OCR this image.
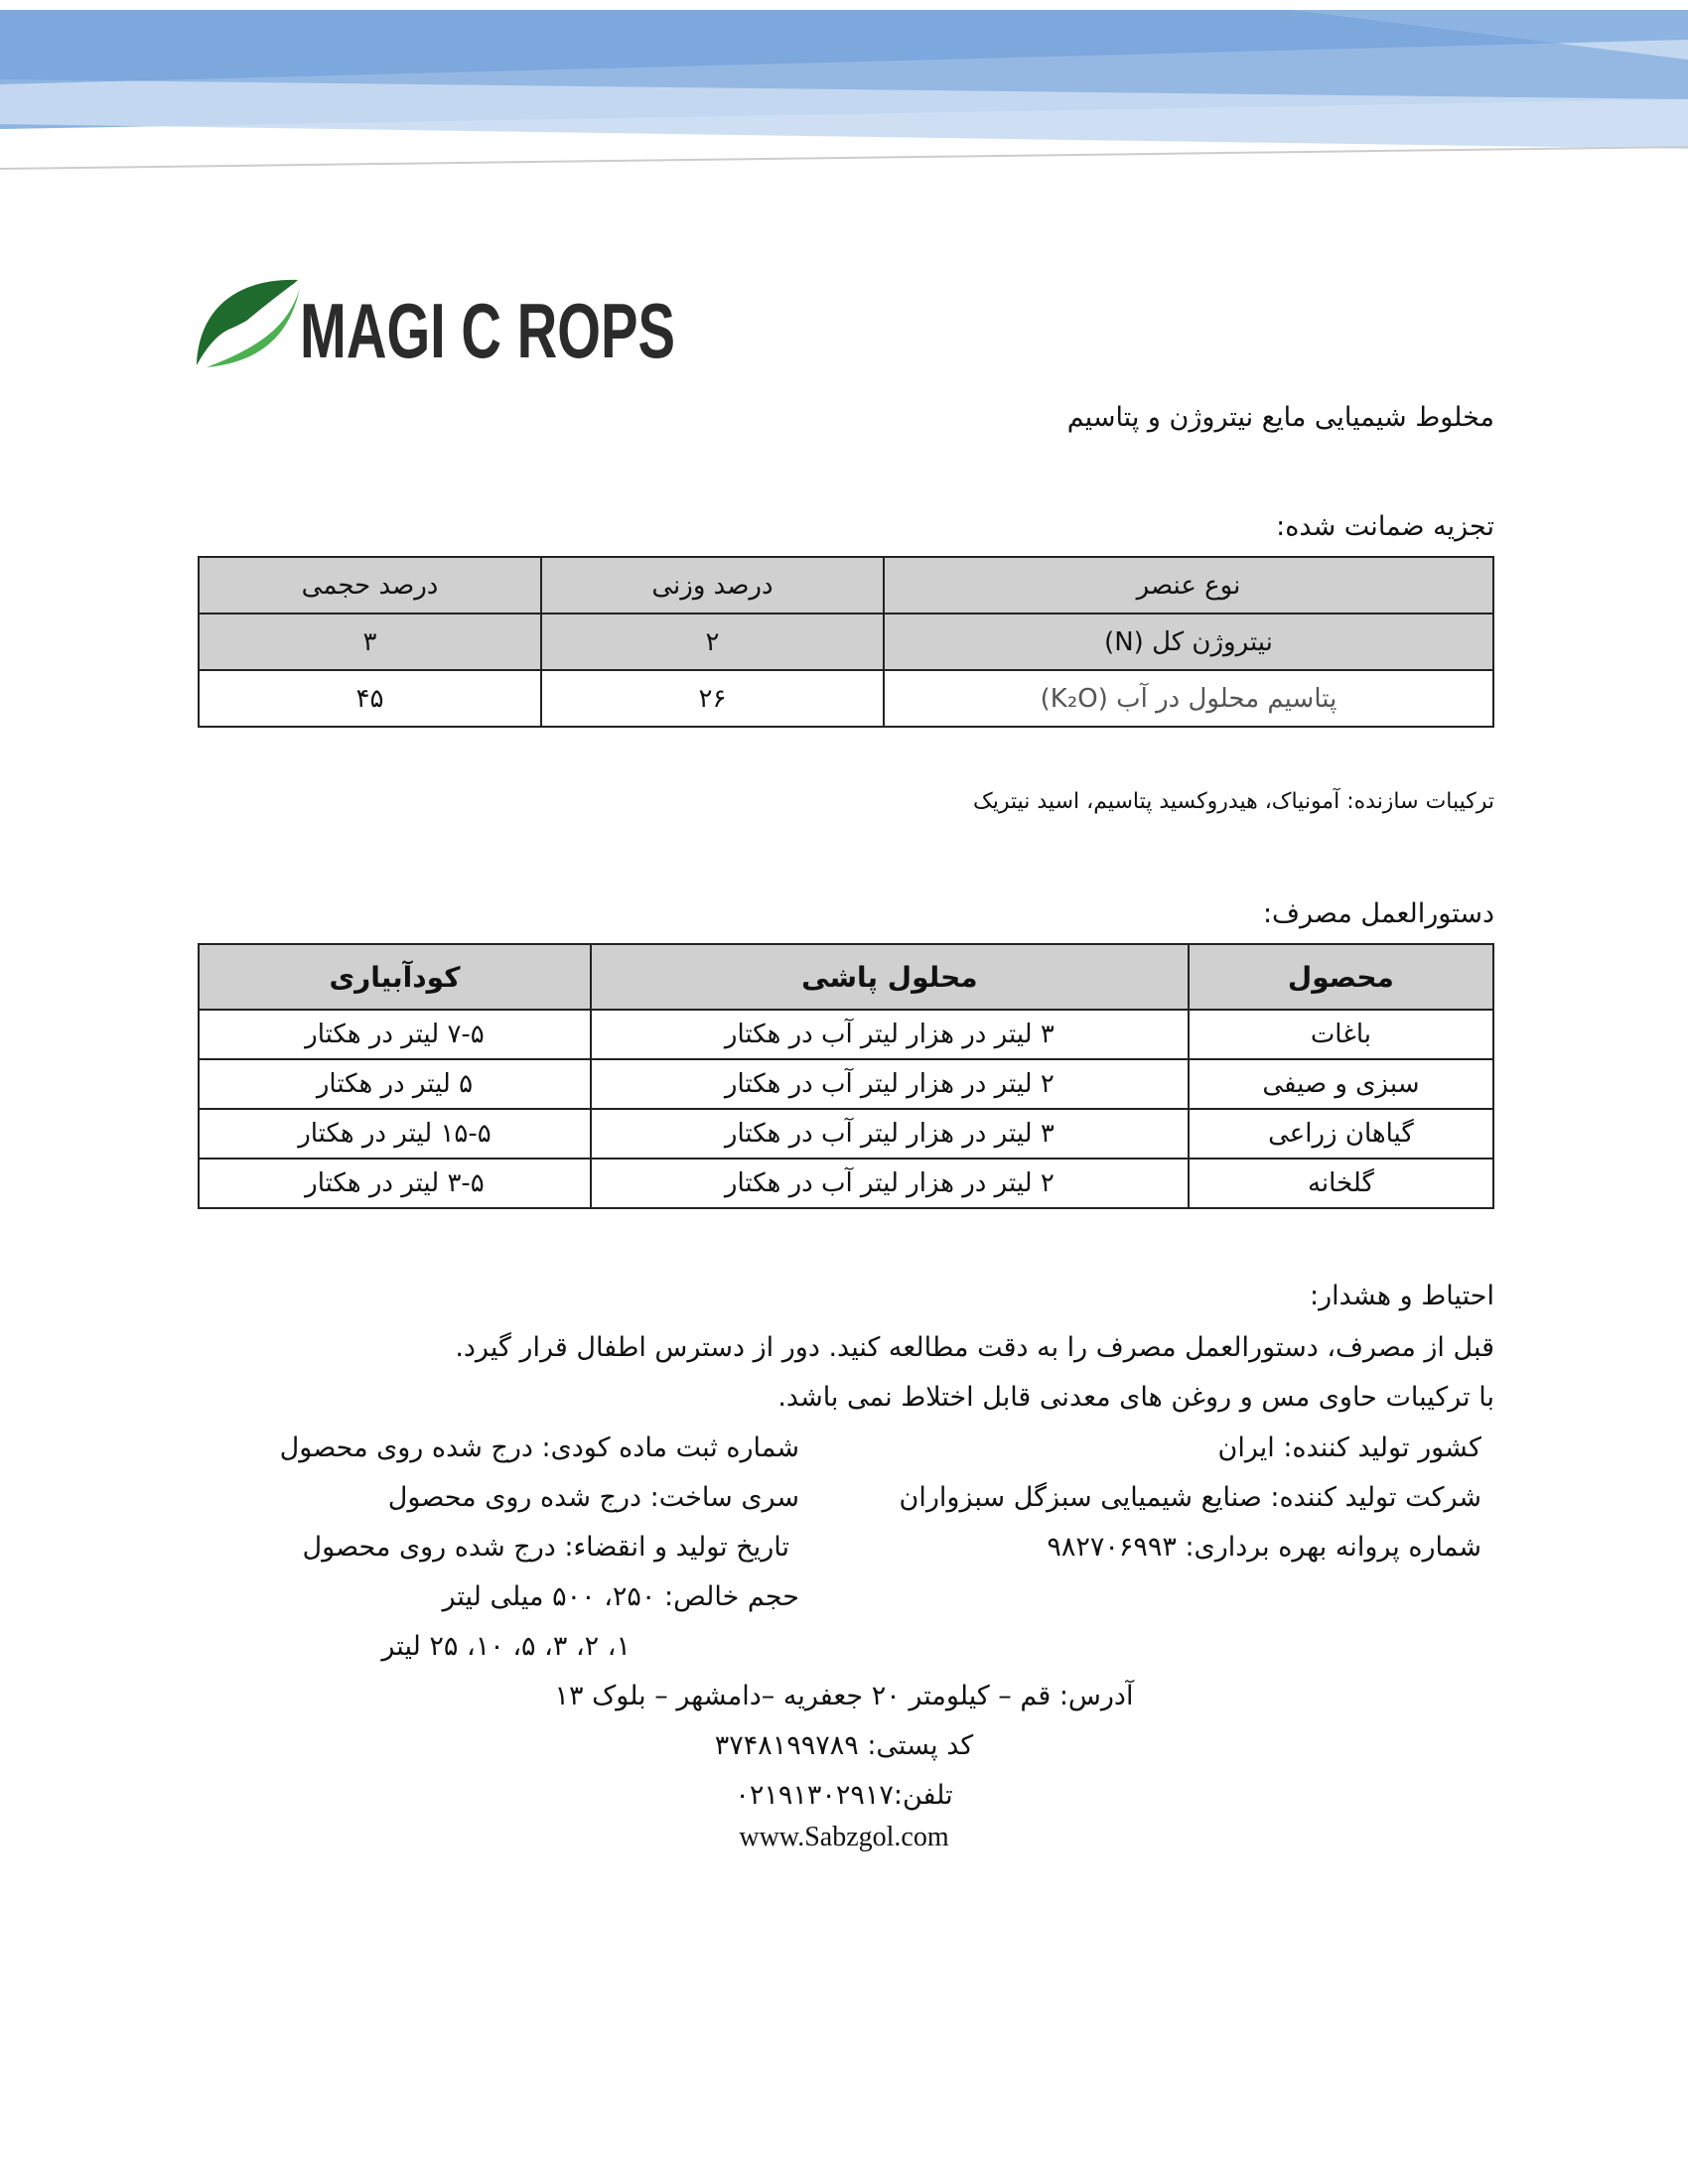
MAGI C ROPS
مخلوط شیمیایی مایع نیتروژن و پتاسیم
تجزیه ضمانت شده:
نوع عنصر	درصد وزنی	درصد حجمی
نیتروژن کل (N)	۲	۳
پتاسیم محلول در آب (K₂O)	۲۶	۴۵
ترکیبات سازنده: آمونیاک، هیدروکسید پتاسیم، اسید نیتریک
دستورالعمل مصرف:
محصول	محلول پاشی	کودآبیاری
باغات	۳ لیتر در هزار لیتر آب در هکتار	۷-۵ لیتر در هکتار
سبزی و صیفی	۲ لیتر در هزار لیتر آب در هکتار	۵ لیتر در هکتار
گیاهان زراعی	۳ لیتر در هزار لیتر آب در هکتار	۱۵-۵ لیتر در هکتار
گلخانه	۲ لیتر در هزار لیتر آب در هکتار	۳-۵ لیتر در هکتار
احتیاط و هشدار:
قبل از مصرف، دستورالعمل مصرف را به دقت مطالعه کنید. دور از دسترس اطفال قرار گیرد.
با ترکیبات حاوی مس و روغن های معدنی قابل اختلاط نمی باشد.
کشور تولید کننده: ایران
شرکت تولید کننده: صنایع شیمیایی سبزگل سبزواران
شماره پروانه بهره برداری: ۹۸۲۷۰۶۹۹۳
شماره ثبت ماده کودی: درج شده روی محصول
سری ساخت: درج شده روی محصول
تاریخ تولید و انقضاء: درج شده روی محصول
حجم خالص: ۲۵۰، ۵۰۰ میلی لیتر
۱، ۲، ۳، ۵، ۱۰، ۲۵ لیتر
آدرس: قم – کیلومتر ۲۰ جعفریه –دامشهر – بلوک ۱۳
کد پستی: ۳۷۴۸۱۹۹۷۸۹
تلفن:۰۲۱۹۱۳۰۲۹۱۷
www.Sabzgol.com
